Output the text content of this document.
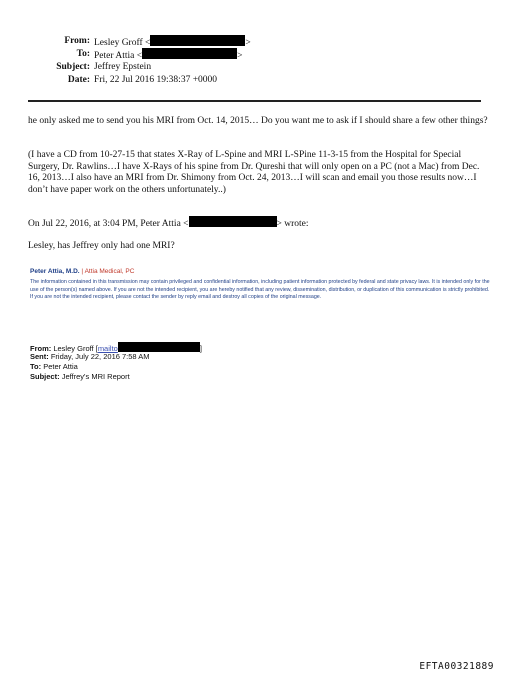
From: Lesley Groff <	>
To: Peter Attia <	>
Subject: Jeffrey Epstein
Date: Fri, 22 Jul 2016 19:38:37 +0000
he only asked me to send you his MRI from Oct. 14, 2015… Do you want me to ask if I should share a few other things?
(I have a CD from 10-27-15 that states X-Ray of L-Spine and MRI L-SPine 11-3-15 from the Hospital for Special Surgery, Dr. Rawlins…I have X-Rays of his spine from Dr. Qureshi that will only open on a PC (not a Mac) from Dec. 16, 2013…I also have an MRI from Dr. Shimony from Oct. 24, 2013…I will scan and email you those results now…I don’t have paper work on the others unfortunately..)
On Jul 22, 2016, at 3:04 PM, Peter Attia <	> wrote:
Lesley, has Jeffrey only had one MRI?
Peter Attia, M.D. | Attia Medical, PC
The information contained in this transmission may contain privileged and confidential information, including patient information protected by federal and state privacy laws. It is intended only for the use of the person(s) named above. If you are not the intended recipient, you are hereby notified that any review, dissemination, distribution, or duplication of this communication is strictly prohibited. If you are not the intended recipient, please contact the sender by reply email and destroy all copies of the original message.
From: Lesley Groff [mailto	]
Sent: Friday, July 22, 2016 7:58 AM
To: Peter Attia
Subject: Jeffrey's MRI Report
EFTA00321889
